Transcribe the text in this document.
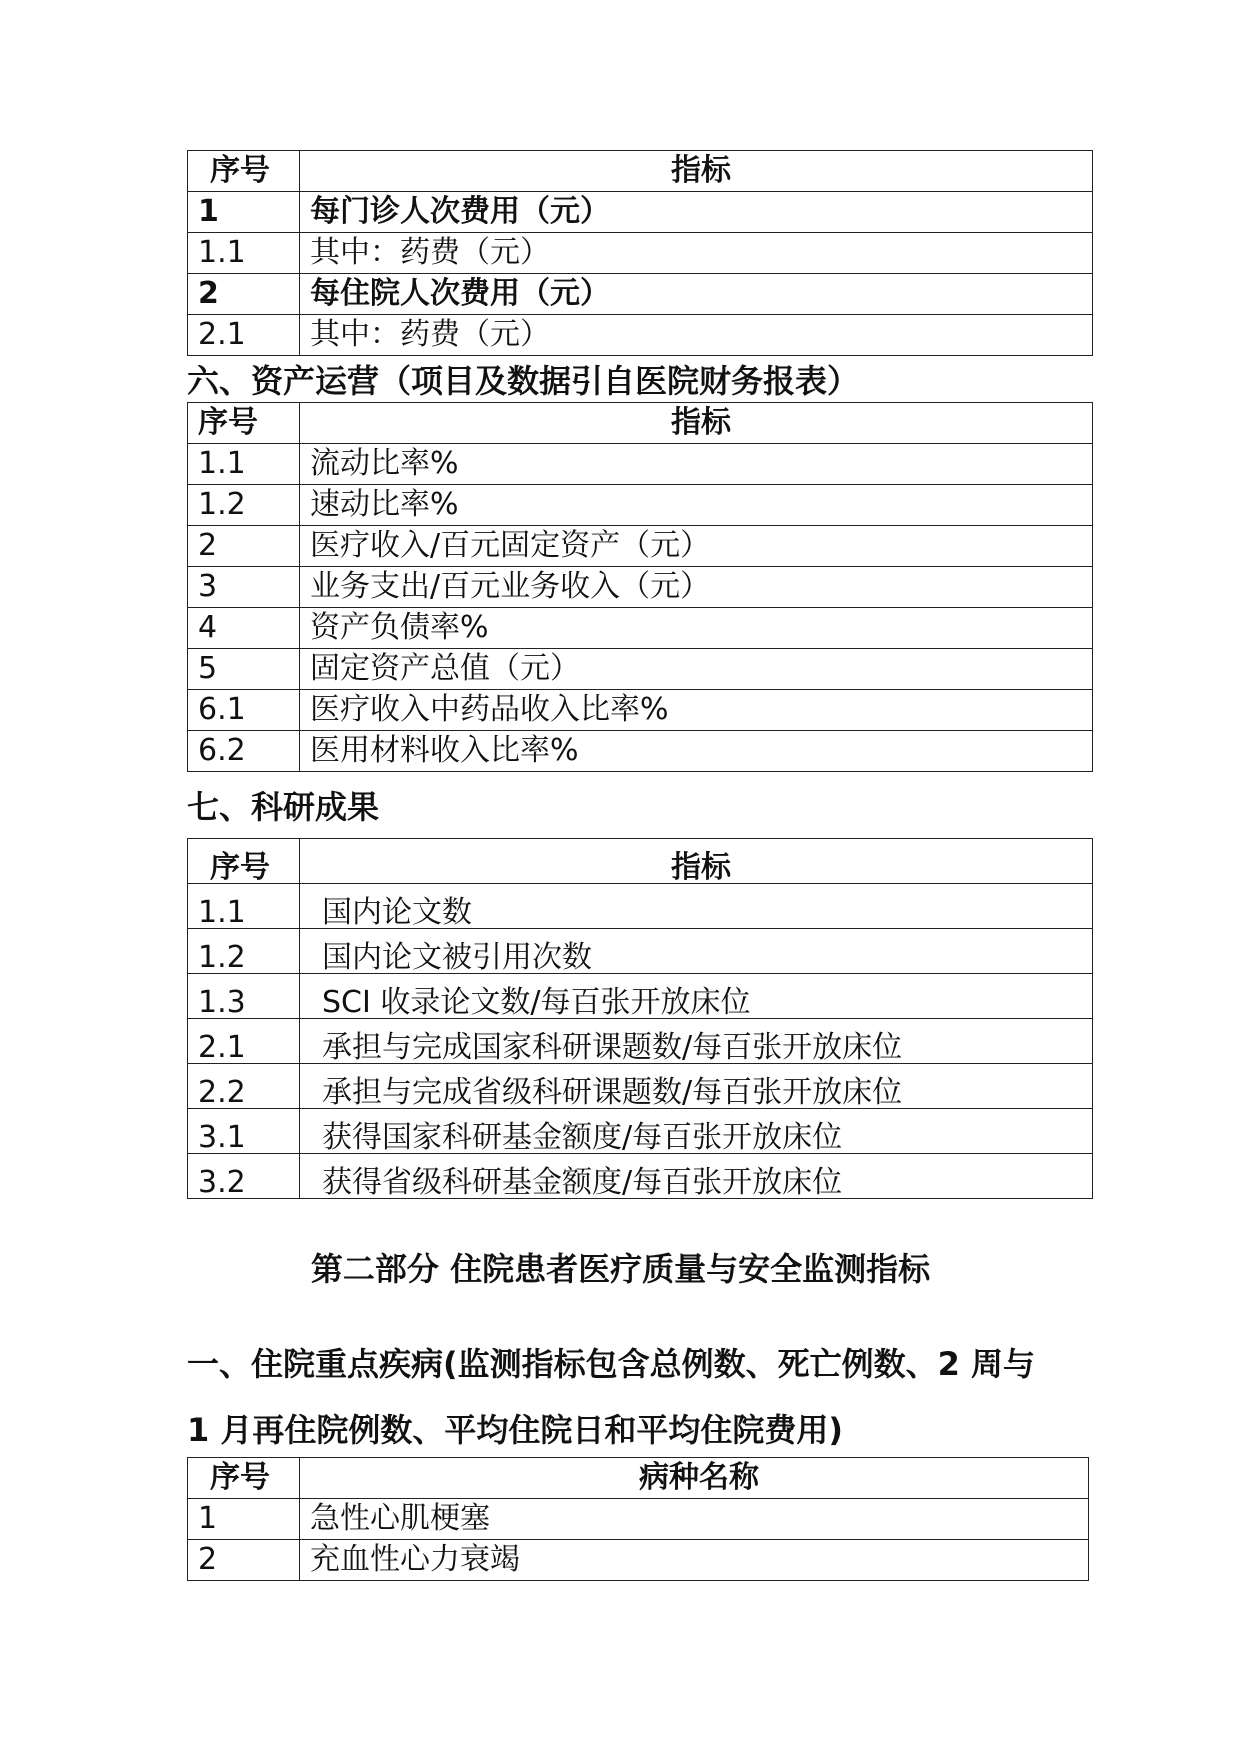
序号	指标
1	每门诊人次费用（元）
1.1	其中：药费（元）
2	每住院人次费用（元）
2.1	其中：药费（元）
六、资产运营（项目及数据引自医院财务报表）
序号	指标
1.1	流动比率%
1.2	速动比率%
2	医疗收入/百元固定资产（元）
3	业务支出/百元业务收入（元）
4	资产负债率%
5	固定资产总值（元）
6.1	医疗收入中药品收入比率%
6.2	医用材料收入比率%
七、科研成果
序号	指标
1.1	国内论文数
1.2	国内论文被引用次数
1.3	SCI 收录论文数/每百张开放床位
2.1	承担与完成国家科研课题数/每百张开放床位
2.2	承担与完成省级科研课题数/每百张开放床位
3.1	获得国家科研基金额度/每百张开放床位
3.2	获得省级科研基金额度/每百张开放床位
第二部分 住院患者医疗质量与安全监测指标
一、住院重点疾病(监测指标包含总例数、死亡例数、2 周与
1 月再住院例数、平均住院日和平均住院费用)
序号	病种名称
1	急性心肌梗塞
2	充血性心力衰竭
